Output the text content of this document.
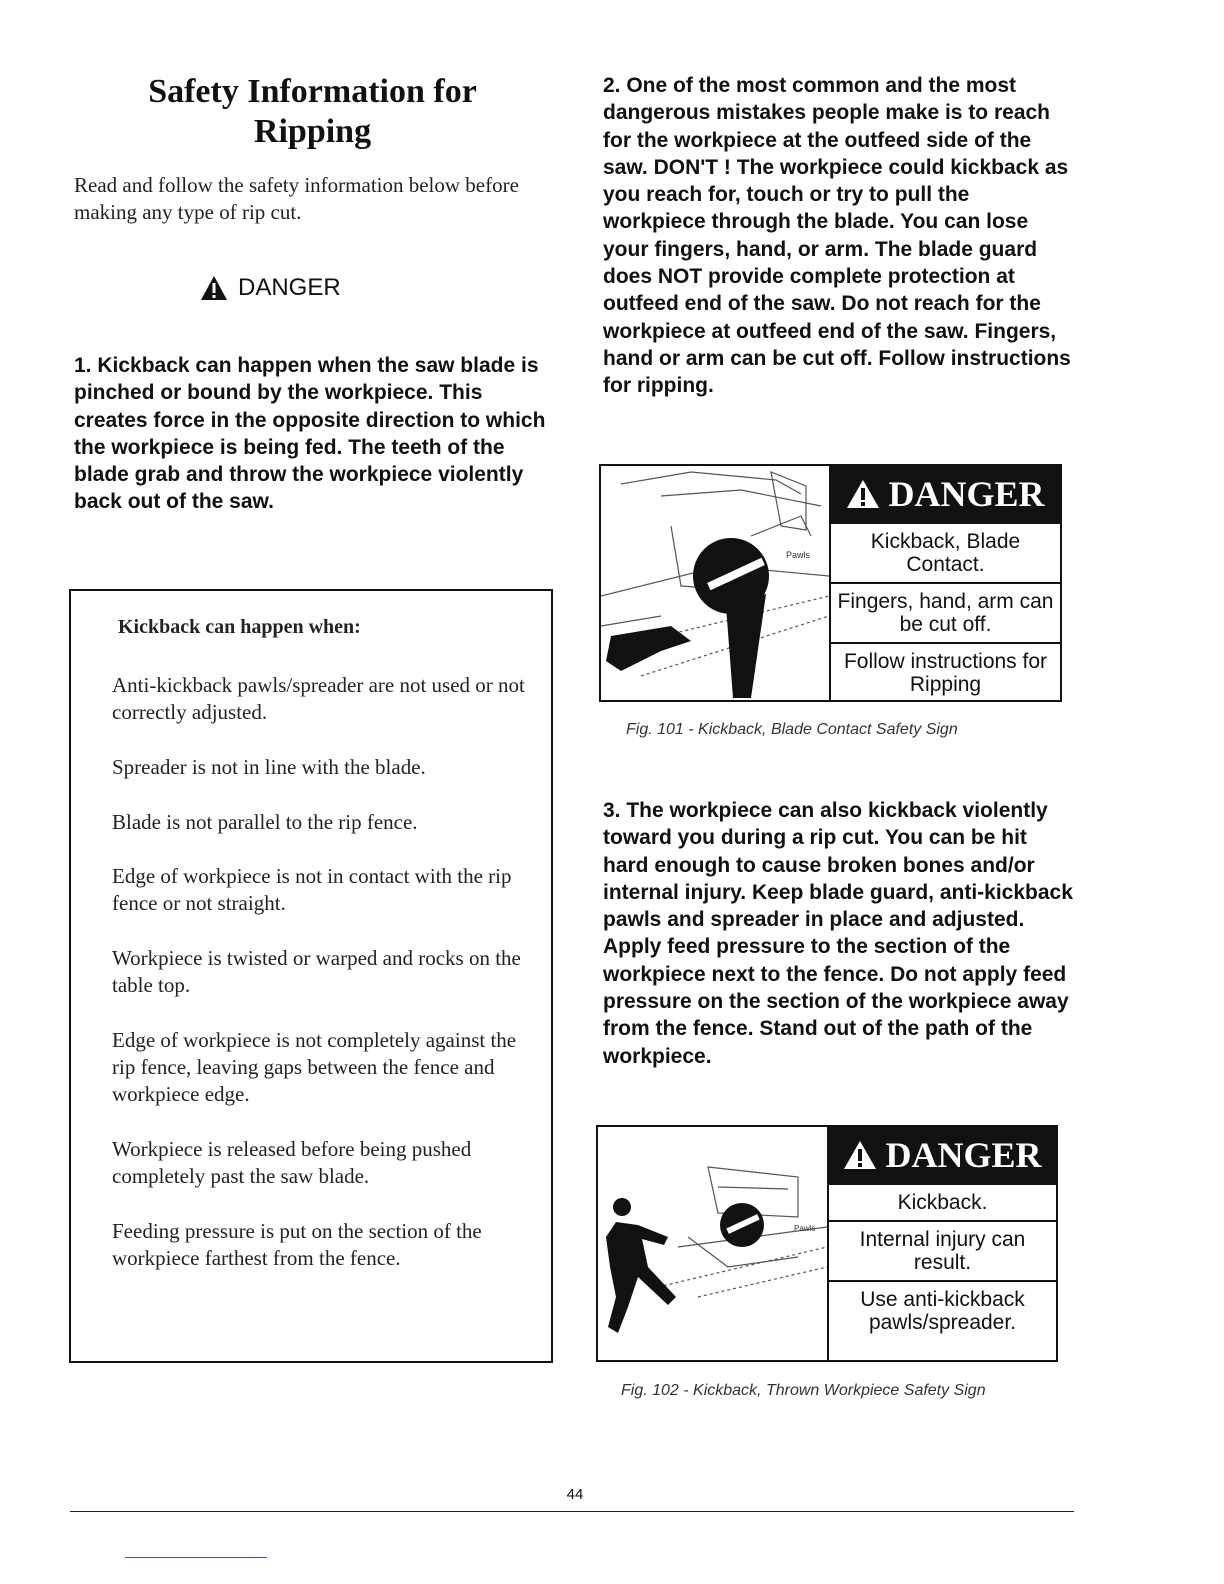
Safety Information for
Ripping
Read and follow the safety information below before making any type of rip cut.
DANGER
1. Kickback can happen when the saw blade is pinched or bound by the workpiece. This creates force in the opposite direction to which the workpiece is being fed. The teeth of the blade grab and throw the workpiece violently back out of the saw.
Kickback can happen when:
Anti-kickback pawls/spreader are not used or not correctly adjusted.
Spreader is not in line with the blade.
Blade is not parallel to the rip fence.
Edge of workpiece is not in contact with the rip fence or not straight.
Workpiece is twisted or warped and rocks on the table top.
Edge of workpiece is not completely against the rip fence, leaving gaps between the fence and workpiece edge.
Workpiece is released before being pushed completely past the saw blade.
Feeding pressure is put on the section of the workpiece farthest from the fence.
2. One of the most common and the most dangerous mistakes people make is to reach for the workpiece at the outfeed side of the saw. DON'T ! The workpiece could kickback as you reach for, touch or try to pull the workpiece through the blade. You can lose your fingers, hand, or arm. The blade guard does NOT provide complete protection at outfeed end of the saw. Do not reach for the workpiece at outfeed end of the saw. Fingers, hand or arm can be cut off. Follow instructions for ripping.
Pawls
DANGER
Kickback, Blade Contact.
Fingers, hand, arm can be cut off.
Follow instructions for Ripping
Fig. 101 - Kickback, Blade Contact Safety Sign
3. The workpiece can also kickback violently toward you during a rip cut. You can be hit hard enough to cause broken bones and/or internal injury. Keep blade guard, anti-kickback pawls and spreader in place and adjusted. Apply feed pressure to the section of the workpiece next to the fence. Do not apply feed pressure on the section of the workpiece away from the fence. Stand out of the path of the workpiece.
Pawls
DANGER
Kickback.
Internal injury can result.
Use anti-kickback pawls/spreader.
Fig. 102 - Kickback, Thrown Workpiece Safety Sign
44
